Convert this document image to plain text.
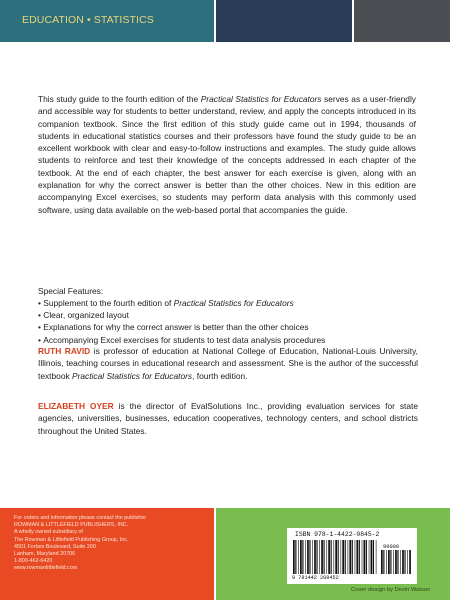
EDUCATION • STATISTICS

This study guide to the fourth edition of the Practical Statistics for Educators serves as a user-friendly and accessible way for students to better understand, review, and apply the concepts introduced in its companion textbook. Since the first edition of this study guide came out in 1994, thousands of students in educational statistics courses and their professors have found the study guide to be an excellent workbook with clear and easy-to-follow instructions and examples. The study guide allows students to reinforce and test their knowledge of the concepts addressed in each chapter of the textbook. At the end of each chapter, the best answer for each exercise is given, along with an explanation for why the correct answer is better than the other choices. New in this edition are accompanying Excel exercises, so students may perform data analysis with this commonly used software, using data available on the web-based portal that accompanies the guide.

Special Features:

• Supplement to the fourth edition of Practical Statistics for Educators
• Clear, organized layout
• Explanations for why the correct answer is better than the other choices
• Accompanying Excel exercises for students to test data analysis procedures

RUTH RAVID is professor of education at National College of Education, National-Louis University, Illinois, teaching courses in educational research and assessment. She is the author of the successful textbook Practical Statistics for Educators, fourth edition.

ELIZABETH OYER is the director of EvalSolutions Inc., providing evaluation services for state agencies, universities, businesses, education cooperatives, technology centers, and school districts throughout the United States.

For orders and information please contact the publisher
ROWMAN & LITTLEFIELD PUBLISHERS, INC.
A wholly owned subsidiary of
The Rowman & Littlefield Publishing Group, Inc.
4501 Forbes Boulevard, Suite 200
Lanham, Maryland 20706
1-800-462-6420
www.rowmanlittlefield.com
ISBN 978-1-4422-0845-2
90000
9 781442 208452
Cover design by Devin Watson
